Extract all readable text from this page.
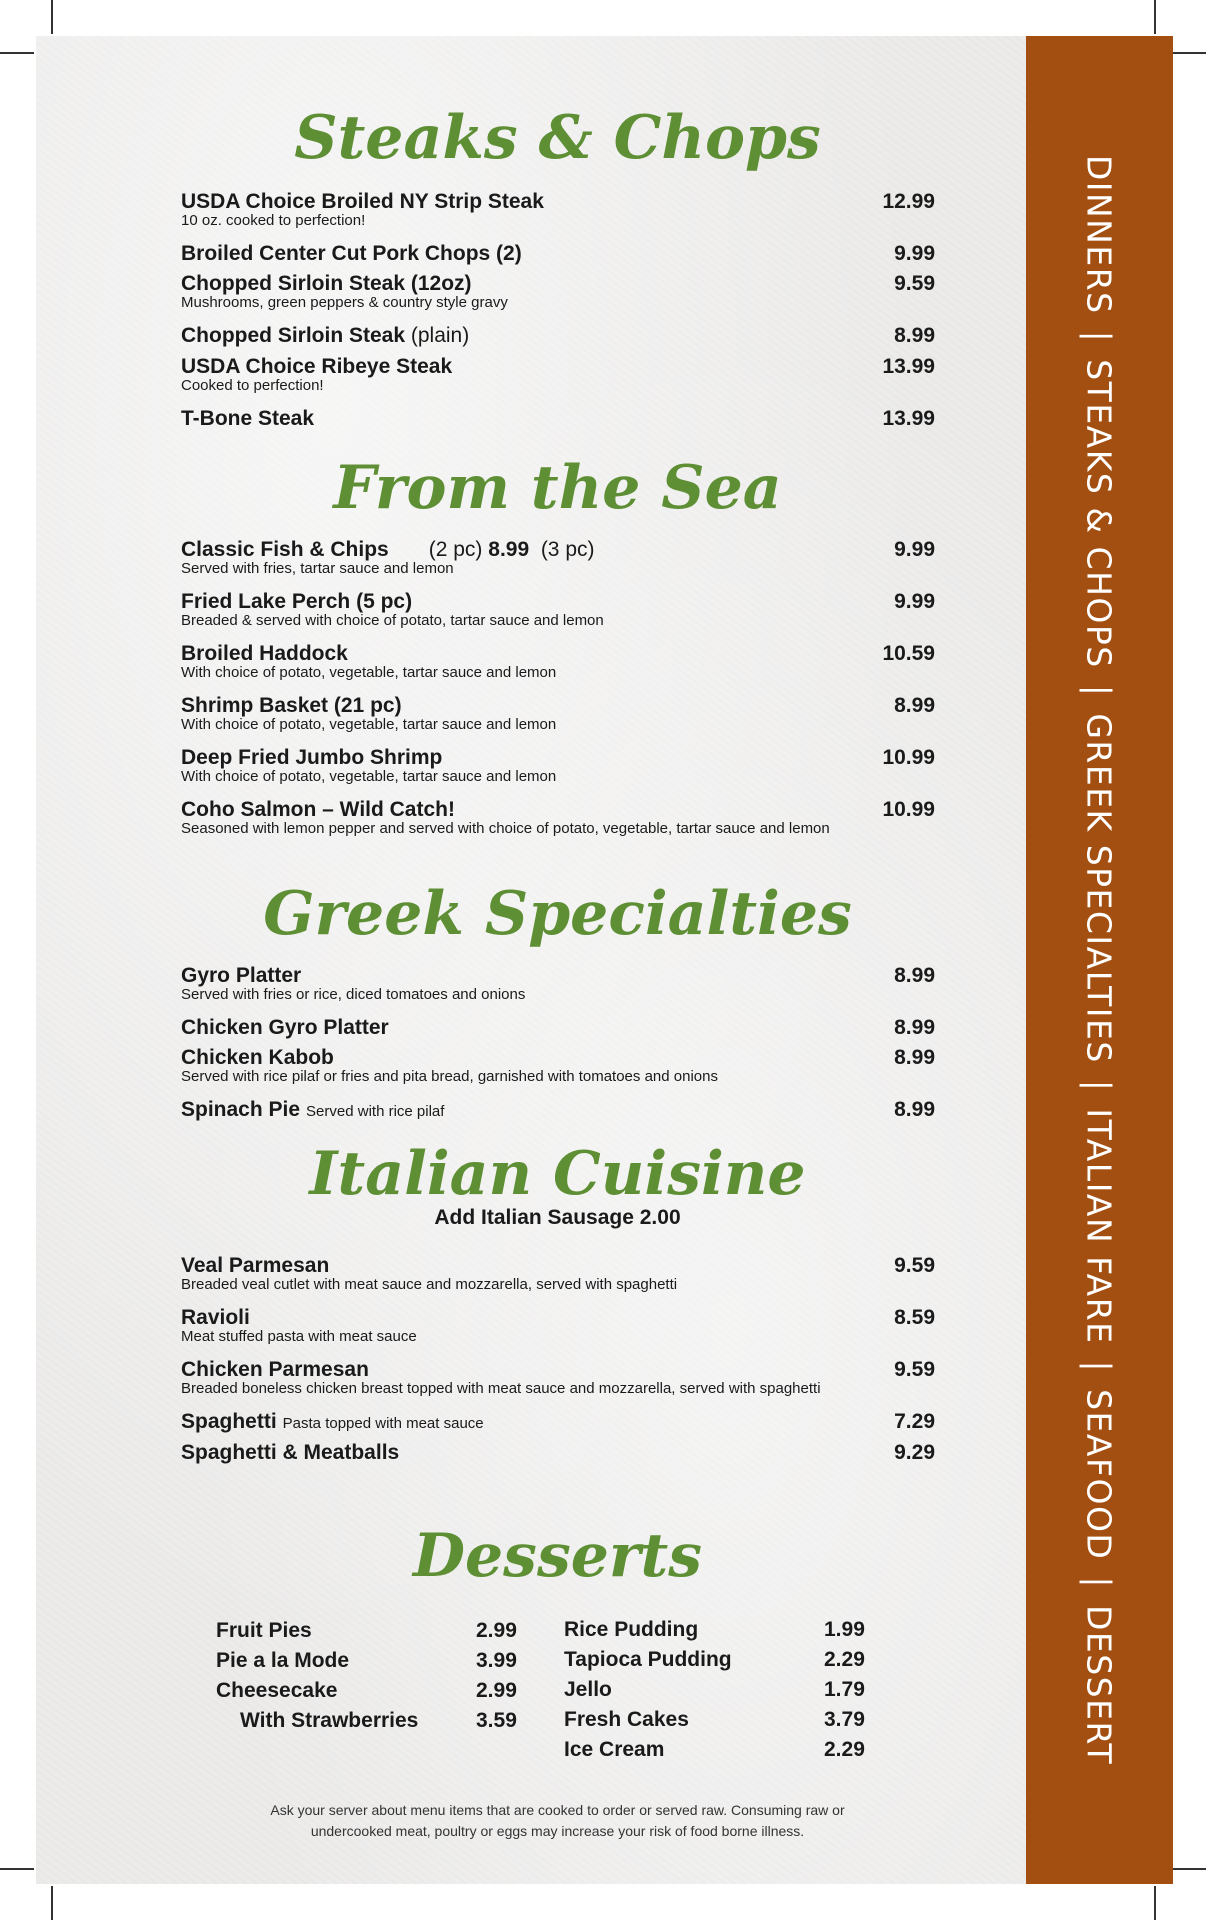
DINNERS|STEAKS & CHOPS|GREEK SPECIALTIES|ITALIAN FARE|SEAFOOD|DESSERT
Steaks & Chops
USDA Choice Broiled NY Strip Steak	12.99
10 oz. cooked to perfection!
Broiled Center Cut Pork Chops (2)	9.99
Chopped Sirloin Steak (12oz)	9.59
Mushrooms, green peppers & country style gravy
Chopped Sirloin Steak (plain)	8.99
USDA Choice Ribeye Steak	13.99
Cooked to perfection!
T-Bone Steak	13.99
From the Sea
Classic Fish & Chips (2 pc) 8.99 (3 pc)	9.99
Served with fries, tartar sauce and lemon
Fried Lake Perch (5 pc)	9.99
Breaded & served with choice of potato, tartar sauce and lemon
Broiled Haddock	10.59
With choice of potato, vegetable, tartar sauce and lemon
Shrimp Basket (21 pc)	8.99
With choice of potato, vegetable, tartar sauce and lemon
Deep Fried Jumbo Shrimp	10.99
With choice of potato, vegetable, tartar sauce and lemon
Coho Salmon – Wild Catch!	10.99
Seasoned with lemon pepper and served with choice of potato, vegetable, tartar sauce and lemon
Greek Specialties
Gyro Platter	8.99
Served with fries or rice, diced tomatoes and onions
Chicken Gyro Platter	8.99
Chicken Kabob	8.99
Served with rice pilaf or fries and pita bread, garnished with tomatoes and onions
Spinach Pie Served with rice pilaf	8.99
Italian Cuisine
Add Italian Sausage 2.00
Veal Parmesan	9.59
Breaded veal cutlet with meat sauce and mozzarella, served with spaghetti
Ravioli	8.59
Meat stuffed pasta with meat sauce
Chicken Parmesan	9.59
Breaded boneless chicken breast topped with meat sauce and mozzarella, served with spaghetti
Spaghetti Pasta topped with meat sauce	7.29
Spaghetti & Meatballs	9.29
Desserts
Fruit Pies	2.99
Pie a la Mode	3.99
Cheesecake	2.99
With Strawberries	3.59
Rice Pudding	1.99
Tapioca Pudding	2.29
Jello	1.79
Fresh Cakes	3.79
Ice Cream	2.29
Ask your server about menu items that are cooked to order or served raw. Consuming raw or
undercooked meat, poultry or eggs may increase your risk of food borne illness.
